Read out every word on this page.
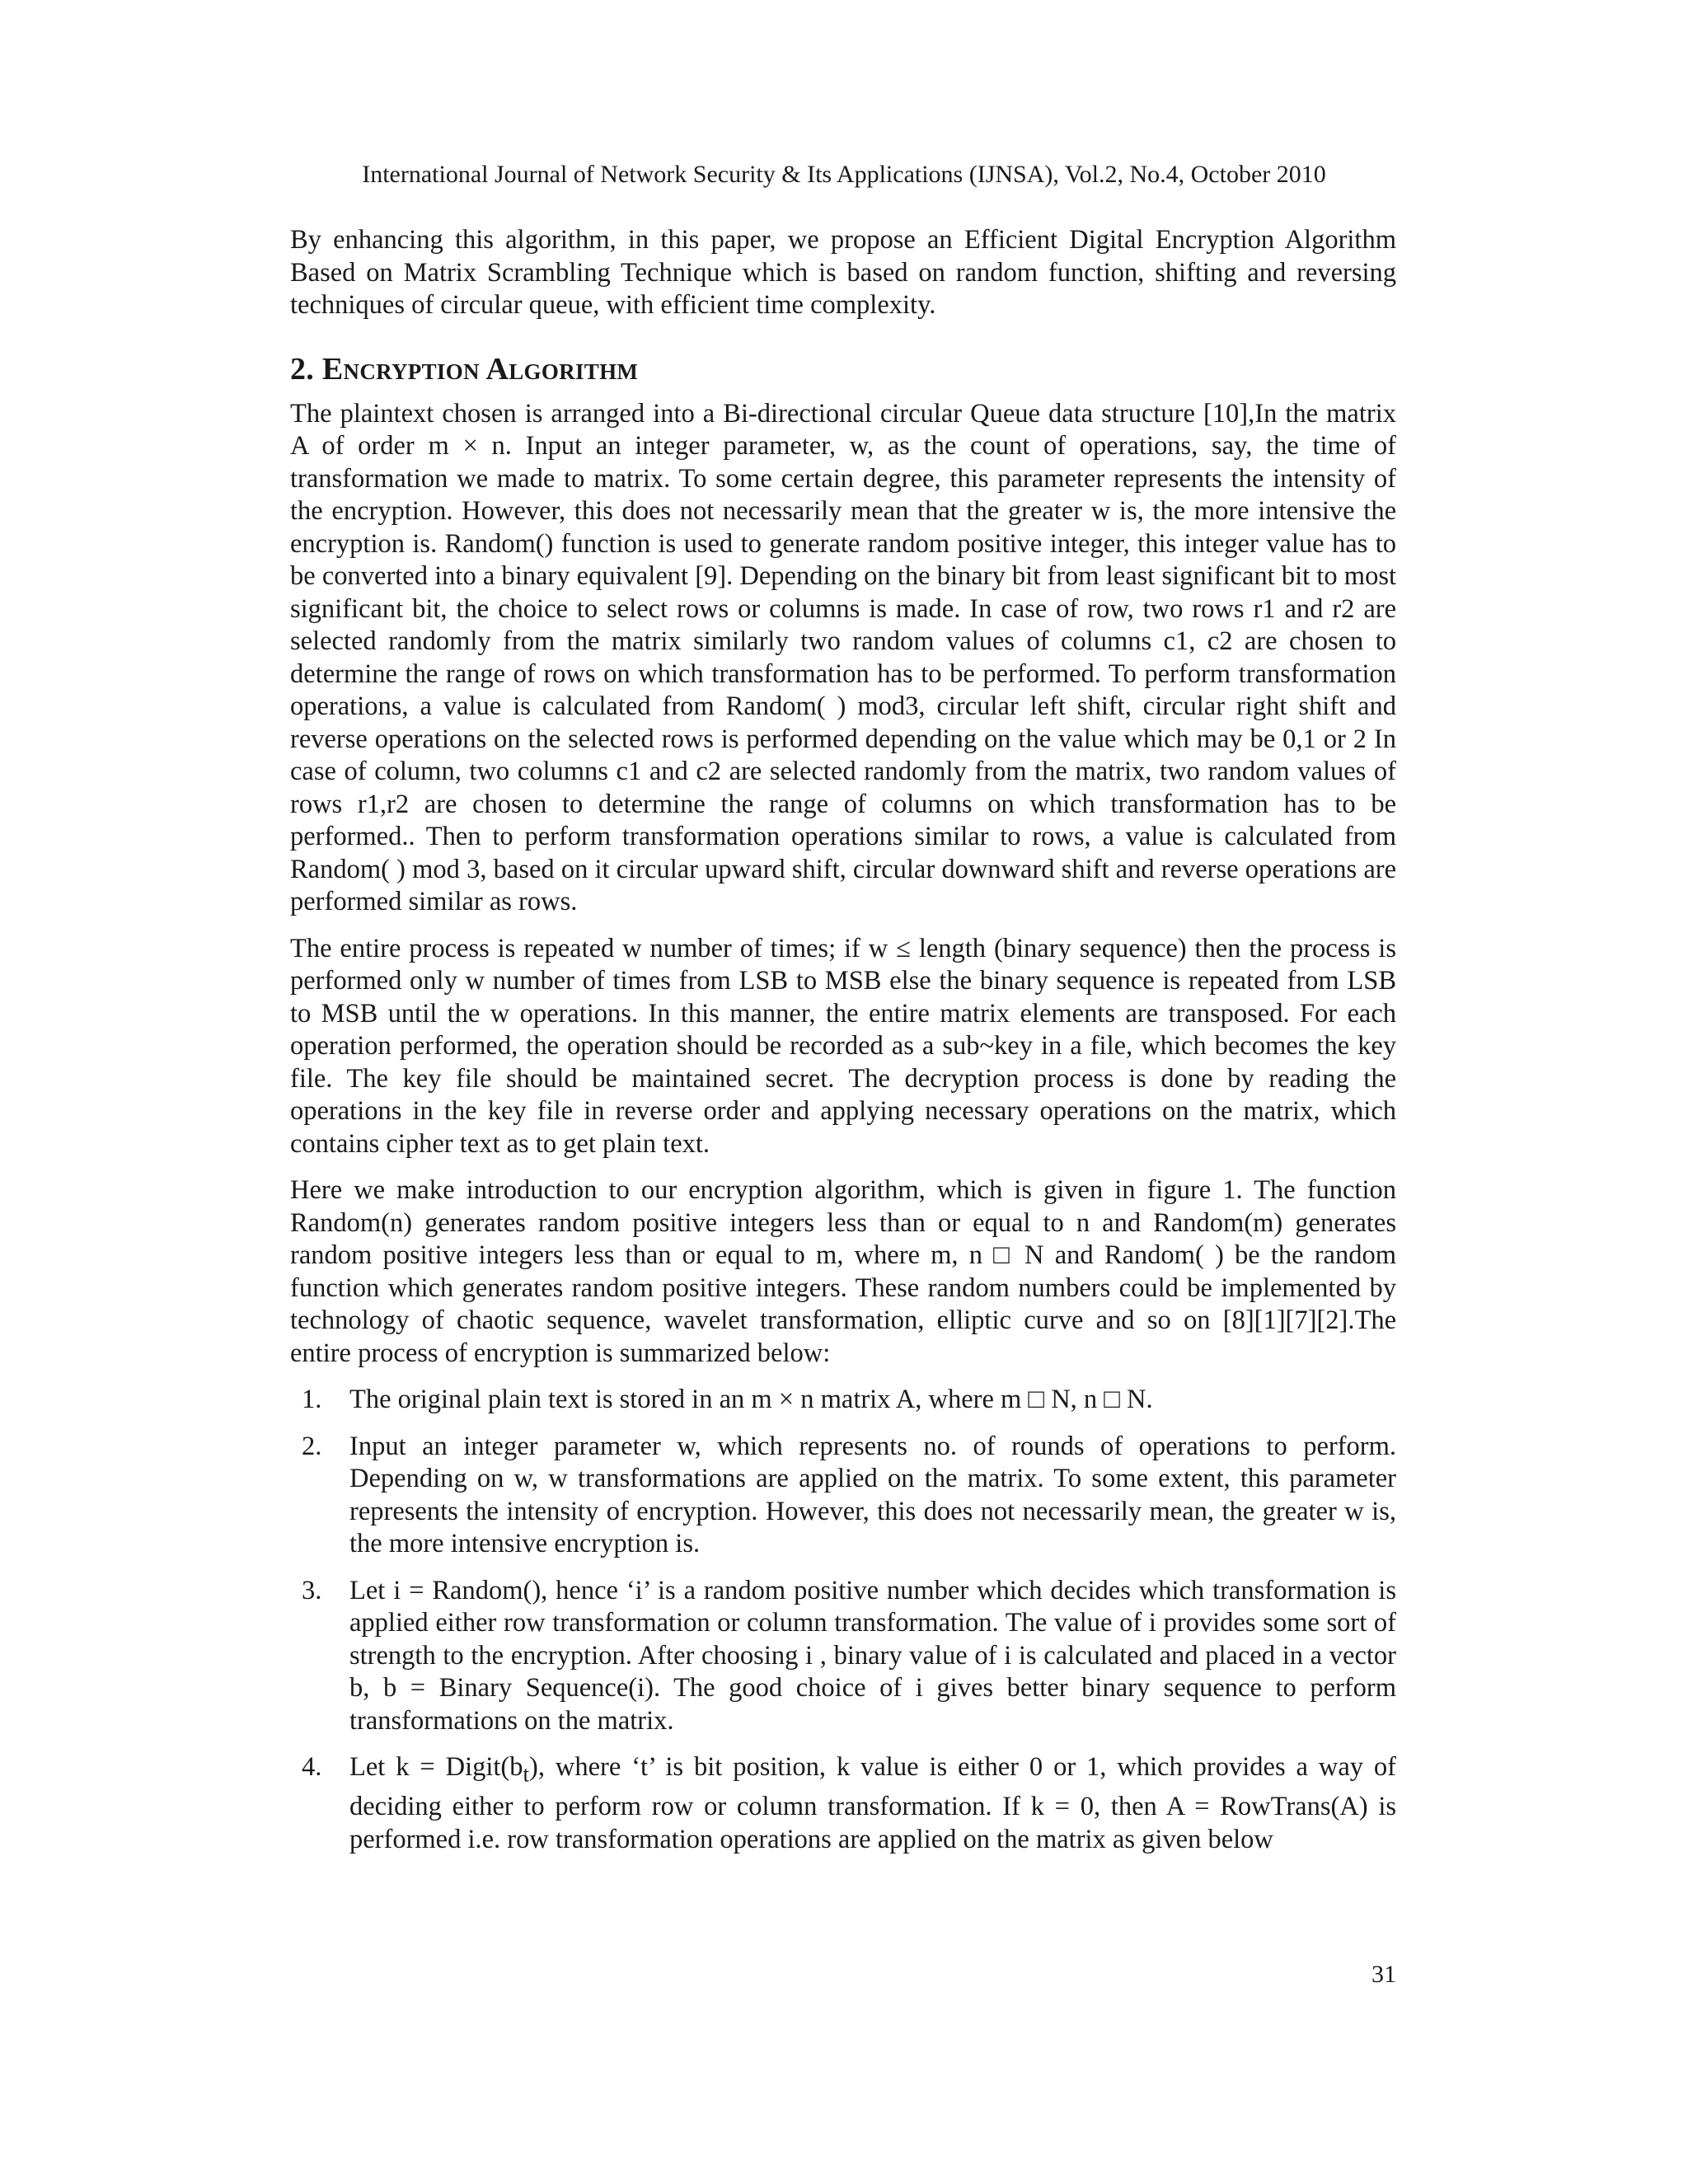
International Journal of Network Security & Its Applications (IJNSA), Vol.2, No.4, October 2010

By enhancing this algorithm, in this paper, we propose an Efficient Digital Encryption Algorithm Based on Matrix Scrambling Technique which is based on random function, shifting and reversing techniques of circular queue, with efficient time complexity.

2. Encryption Algorithm

The plaintext chosen is arranged into a Bi-directional circular Queue data structure [10],In the matrix A of order m × n. Input an integer parameter, w, as the count of operations, say, the time of transformation we made to matrix. To some certain degree, this parameter represents the intensity of the encryption. However, this does not necessarily mean that the greater w is, the more intensive the encryption is. Random() function is used to generate random positive integer, this integer value has to be converted into a binary equivalent [9]. Depending on the binary bit from least significant bit to most significant bit, the choice to select rows or columns is made. In case of row, two rows r1 and r2 are selected randomly from the matrix similarly two random values of columns c1, c2 are chosen to determine the range of rows on which transformation has to be performed. To perform transformation operations, a value is calculated from Random( ) mod3, circular left shift, circular right shift and reverse operations on the selected rows is performed depending on the value which may be 0,1 or 2 In case of column, two columns c1 and c2 are selected randomly from the matrix, two random values of rows r1,r2 are chosen to determine the range of columns on which transformation has to be performed.. Then to perform transformation operations similar to rows, a value is calculated from Random( ) mod 3, based on it circular upward shift, circular downward shift and reverse operations are performed similar as rows.

The entire process is repeated w number of times; if w ≤ length (binary sequence) then the process is performed only w number of times from LSB to MSB else the binary sequence is repeated from LSB to MSB until the w operations. In this manner, the entire matrix elements are transposed. For each operation performed, the operation should be recorded as a sub~key in a file, which becomes the key file. The key file should be maintained secret. The decryption process is done by reading the operations in the key file in reverse order and applying necessary operations on the matrix, which contains cipher text as to get plain text.

Here we make introduction to our encryption algorithm, which is given in figure 1. The function Random(n) generates random positive integers less than or equal to n and Random(m) generates random positive integers less than or equal to m, where m, n □ N and Random( ) be the random function which generates random positive integers. These random numbers could be implemented by technology of chaotic sequence, wavelet transformation, elliptic curve and so on [8][1][7][2].The entire process of encryption is summarized below:

1. The original plain text is stored in an m × n matrix A, where m □ N, n □ N.
2. Input an integer parameter w, which represents no. of rounds of operations to perform. Depending on w, w transformations are applied on the matrix. To some extent, this parameter represents the intensity of encryption. However, this does not necessarily mean, the greater w is, the more intensive encryption is.
3. Let i = Random(), hence ‘i’ is a random positive number which decides which transformation is applied either row transformation or column transformation. The value of i provides some sort of strength to the encryption. After choosing i , binary value of i is calculated and placed in a vector b, b = Binary Sequence(i). The good choice of i gives better binary sequence to perform transformations on the matrix.
4. Let $k = Digit(b_t)$, where ‘t’ is bit position, k value is either 0 or 1, which provides a way of deciding either to perform row or column transformation. If k = 0, then A = RowTrans(A) is performed i.e. row transformation operations are applied on the matrix as given below
31
